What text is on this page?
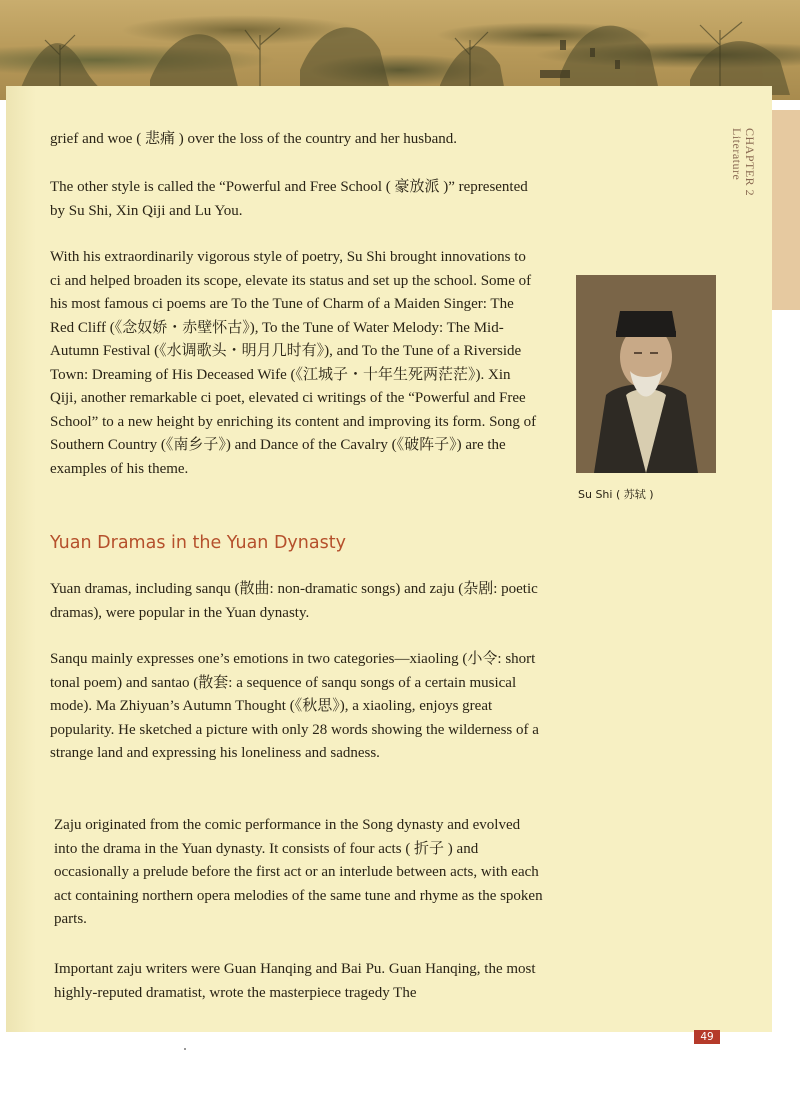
CHAPTER 2
Literature

grief and woe ( 悲痛 ) over the loss of the country and her husband.

The other style is called the “Powerful and Free School ( 豪放派 )” represented by Su Shi, Xin Qiji and Lu You.

With his extraordinarily vigorous style of poetry, Su Shi brought innovations to ci and helped broaden its scope, elevate its status and set up the school. Some of his most famous ci poems are To the Tune of Charm of a Maiden Singer: The Red Cliff (《念奴娇・赤壁怀古》), To the Tune of Water Melody: The Mid-Autumn Festival (《水调歌头・明月几时有》), and To the Tune of a Riverside Town: Dreaming of His Deceased Wife (《江城子・十年生死两茫茫》). Xin Qiji, another remarkable ci poet, elevated ci writings of the “Powerful and Free School” to a new height by enriching its content and improving its form. Song of Southern Country (《南乡子》) and Dance of the Cavalry (《破阵子》) are the examples of his theme.

Su Shi ( 苏轼 )
Yuan Dramas in the Yuan Dynasty

Yuan dramas, including sanqu (散曲: non-dramatic songs) and zaju (杂剧: poetic dramas), were popular in the Yuan dynasty.

Sanqu mainly expresses one’s emotions in two categories—xiaoling (小令: short tonal poem) and santao (散套: a sequence of sanqu songs of a certain musical mode). Ma Zhiyuan’s Autumn Thought (《秋思》), a xiaoling, enjoys great popularity. He sketched a picture with only 28 words showing the wilderness of a strange land and expressing his loneliness and sadness.

Zaju originated from the comic performance in the Song dynasty and evolved into the drama in the Yuan dynasty. It consists of four acts ( 折子 ) and occasionally a prelude before the first act or an interlude between acts, with each act containing northern opera melodies of the same tune and rhyme as the spoken parts.

Important zaju writers were Guan Hanqing and Bai Pu. Guan Hanqing, the most highly-reputed dramatist, wrote the masterpiece tragedy The

49
